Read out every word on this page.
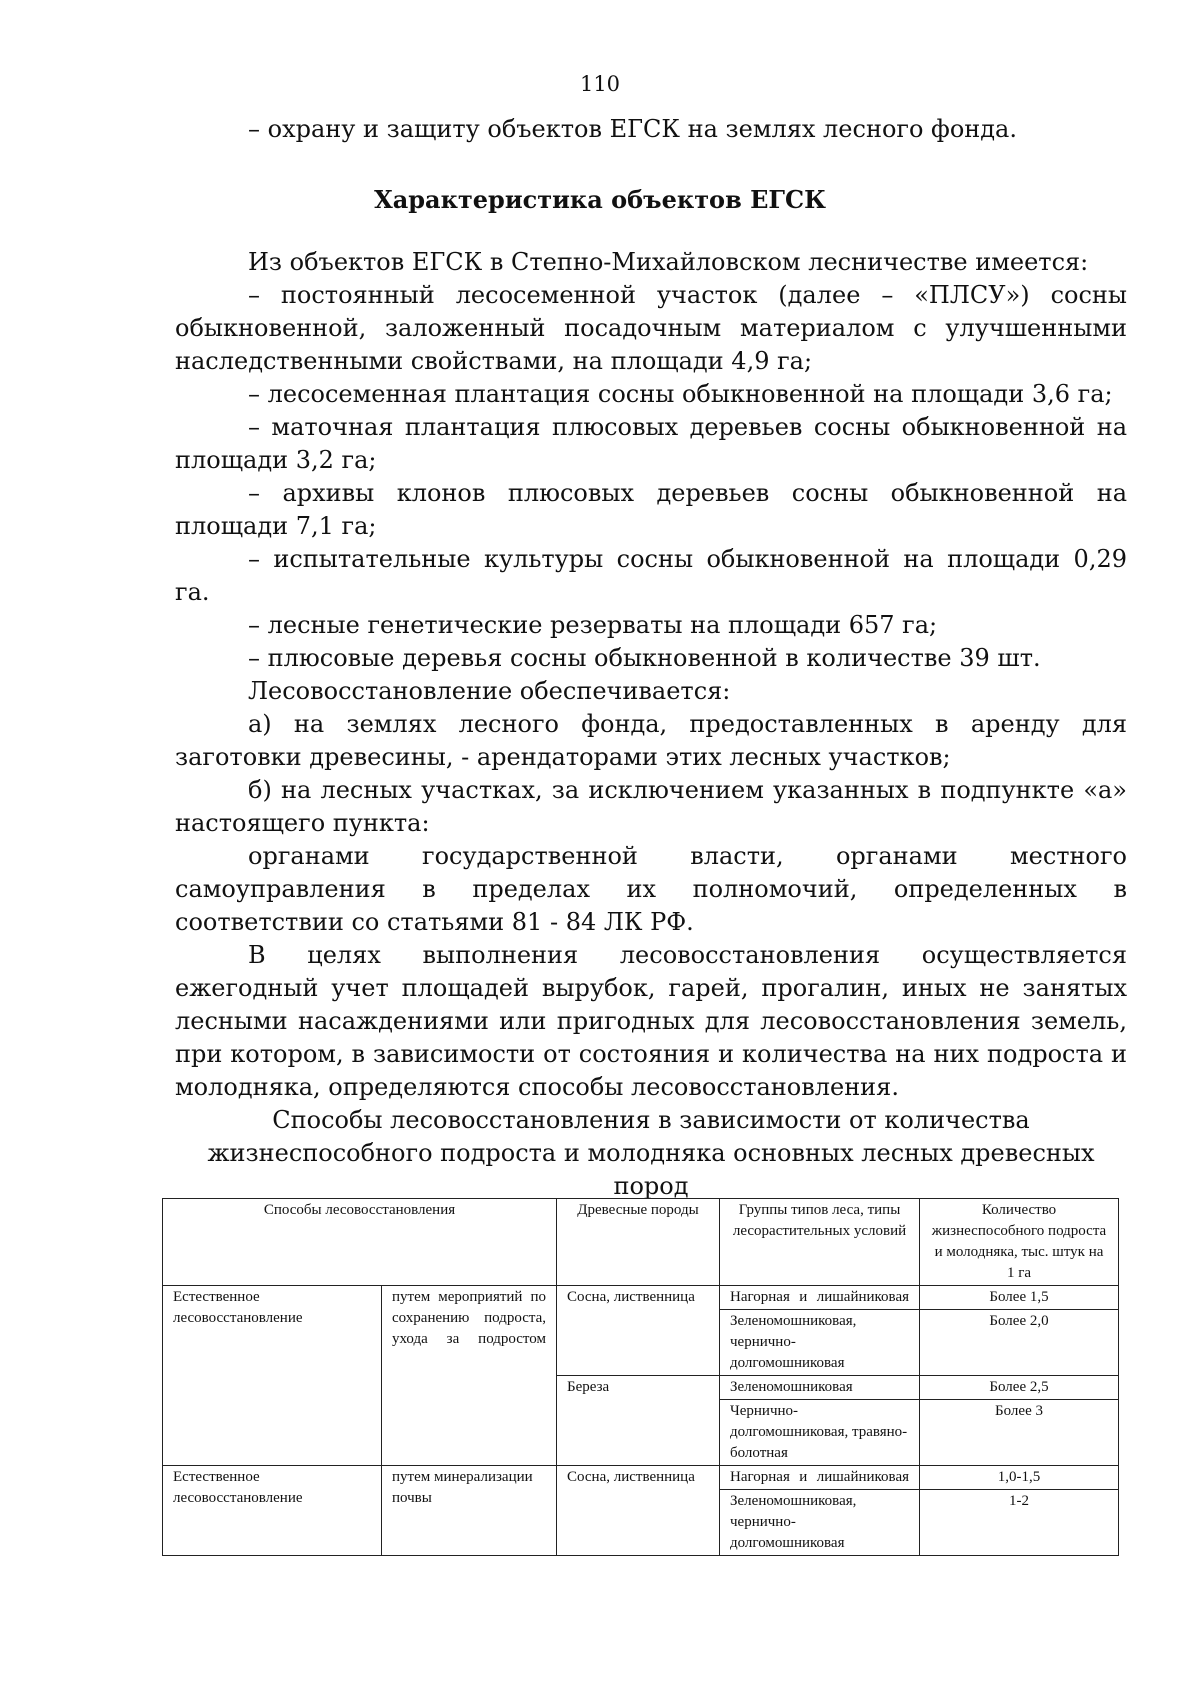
110

– охрану и защиту объектов ЕГСК на землях лесного фонда.

Характеристика объектов ЕГСК

Из объектов ЕГСК в Степно-Михайловском лесничестве имеется:

– постоянный лесосеменной участок (далее – «ПЛСУ») сосны обыкновенной, заложенный посадочным материалом с улучшенными наследственными свойствами, на площади 4,9 га;

– лесосеменная плантация сосны обыкновенной на площади 3,6 га;

– маточная плантация плюсовых деревьев сосны обыкновенной на площади 3,2 га;

– архивы клонов плюсовых деревьев сосны обыкновенной на площади 7,1 га;

– испытательные культуры сосны обыкновенной на площади 0,29 га.

– лесные генетические резерваты на площади 657 га;

– плюсовые деревья сосны обыкновенной в количестве 39 шт.

Лесовосстановление обеспечивается:

а) на землях лесного фонда, предоставленных в аренду для заготовки древесины, - арендаторами этих лесных участков;

б) на лесных участках, за исключением указанных в подпункте «а» настоящего пункта:

органами государственной власти, органами местного самоуправления в пределах их полномочий, определенных в соответствии со статьями 81 - 84 ЛК РФ.

В целях выполнения лесовосстановления осуществляется ежегодный учет площадей вырубок, гарей, прогалин, иных не занятых лесными насаждениями или пригодных для лесовосстановления земель, при котором, в зависимости от состояния и количества на них подроста и молодняка, определяются способы лесовосстановления.

Способы лесовосстановления в зависимости от количества жизнеспособного подроста и молодняка основных лесных древесных пород
Способы лесовосстановления		Древесные породы	Группы типов леса, типы лесорастительных условий	Количество жизнеспособного подроста и молодняка, тыс. штук на 1 га
Естественное лесовосстановление	путем мероприятий по сохранению подроста, ухода за подростом	Сосна, лиственница	Нагорная и лишайниковая	Более 1,5
			Зеленомошниковая, чернично-долгомошниковая	Более 2,0
		Береза	Зеленомошниковая	Более 2,5
			Чернично-долгомошниковая, травяно-болотная	Более 3
Естественное лесовосстановление	путем минерализации почвы	Сосна, лиственница	Нагорная и лишайниковая	1,0-1,5
			Зеленомошниковая, чернично-долгомошниковая	1-2
